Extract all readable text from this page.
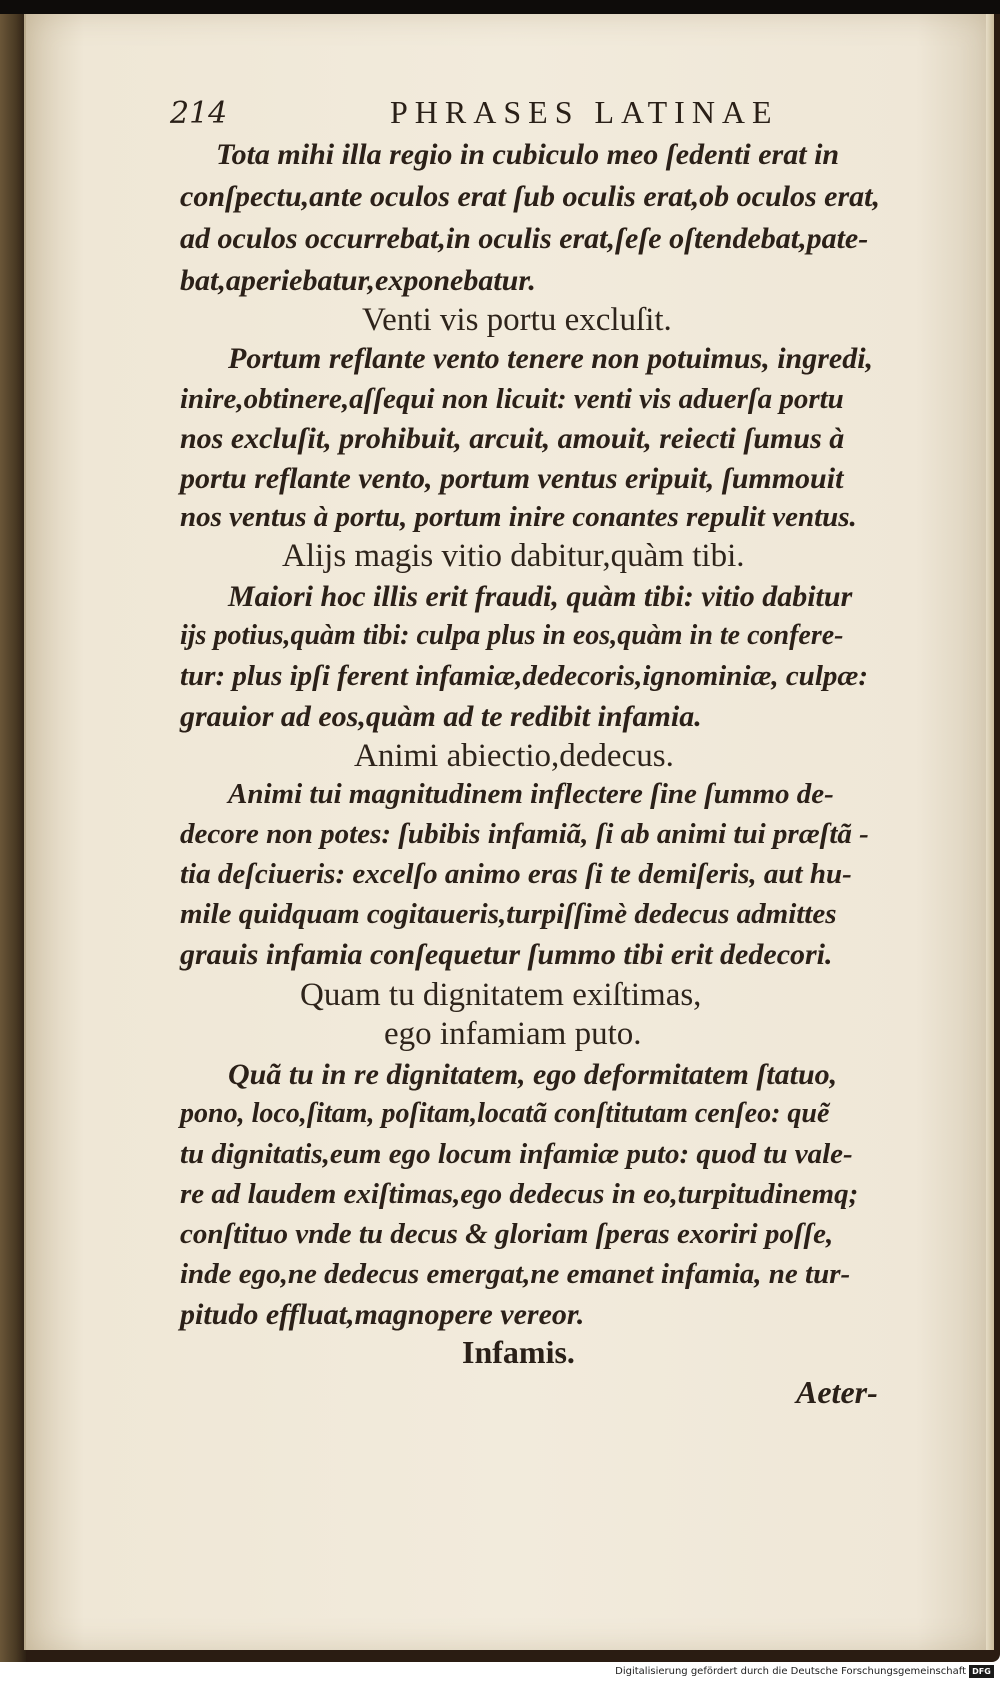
214	PHRASES LATINAE
Tota mihi illa regio in cubiculo meo ſedenti erat in
conſpectu,ante oculos erat ſub oculis erat,ob oculos erat,
ad oculos occurrebat,in oculis erat,ſeſe oſtendebat,pate-
bat,aperiebatur,exponebatur.
Venti vis portu excluſit.
Portum reflante vento tenere non potuimus, ingredi,
inire,obtinere,aſſequi non licuit: venti vis aduerſa portu
nos excluſit, prohibuit, arcuit, amouit, reiecti ſumus à
portu reflante vento, portum ventus eripuit, ſummouit
nos ventus à portu, portum inire conantes repulit ventus.
Alijs magis vitio dabitur,quàm tibi.
Maiori hoc illis erit fraudi, quàm tibi: vitio dabitur
ijs potius,quàm tibi: culpa plus in eos,quàm in te confere-
tur: plus ipſi ferent infamiæ,dedecoris,ignominiæ, culpæ:
grauior ad eos,quàm ad te redibit infamia.
Animi abiectio,dedecus.
Animi tui magnitudinem inflectere ſine ſummo de-
decore non potes: ſubibis infamiã, ſi ab animi tui præſtã -
tia deſciueris: excelſo animo eras ſi te demiſeris, aut hu-
mile quidquam cogitaueris,turpiſſimè dedecus admittes
grauis infamia conſequetur ſummo tibi erit dedecori.
Quam tu dignitatem exiſtimas,
ego infamiam puto.
Quã tu in re dignitatem, ego deformitatem ſtatuo,
pono, loco,ſitam, poſitam,locatã conſtitutam cenſeo: quẽ
tu dignitatis,eum ego locum infamiæ puto: quod tu vale-
re ad laudem exiſtimas,ego dedecus in eo,turpitudinemq;
conſtituo vnde tu decus & gloriam ſperas exoriri poſſe,
inde ego,ne dedecus emergat,ne emanet infamia, ne tur-
pitudo effluat,magnopere vereor.
Infamis.
Aeter-
Digitalisierung gefördert durch die Deutsche Forschungsgemeinschaft DFG
